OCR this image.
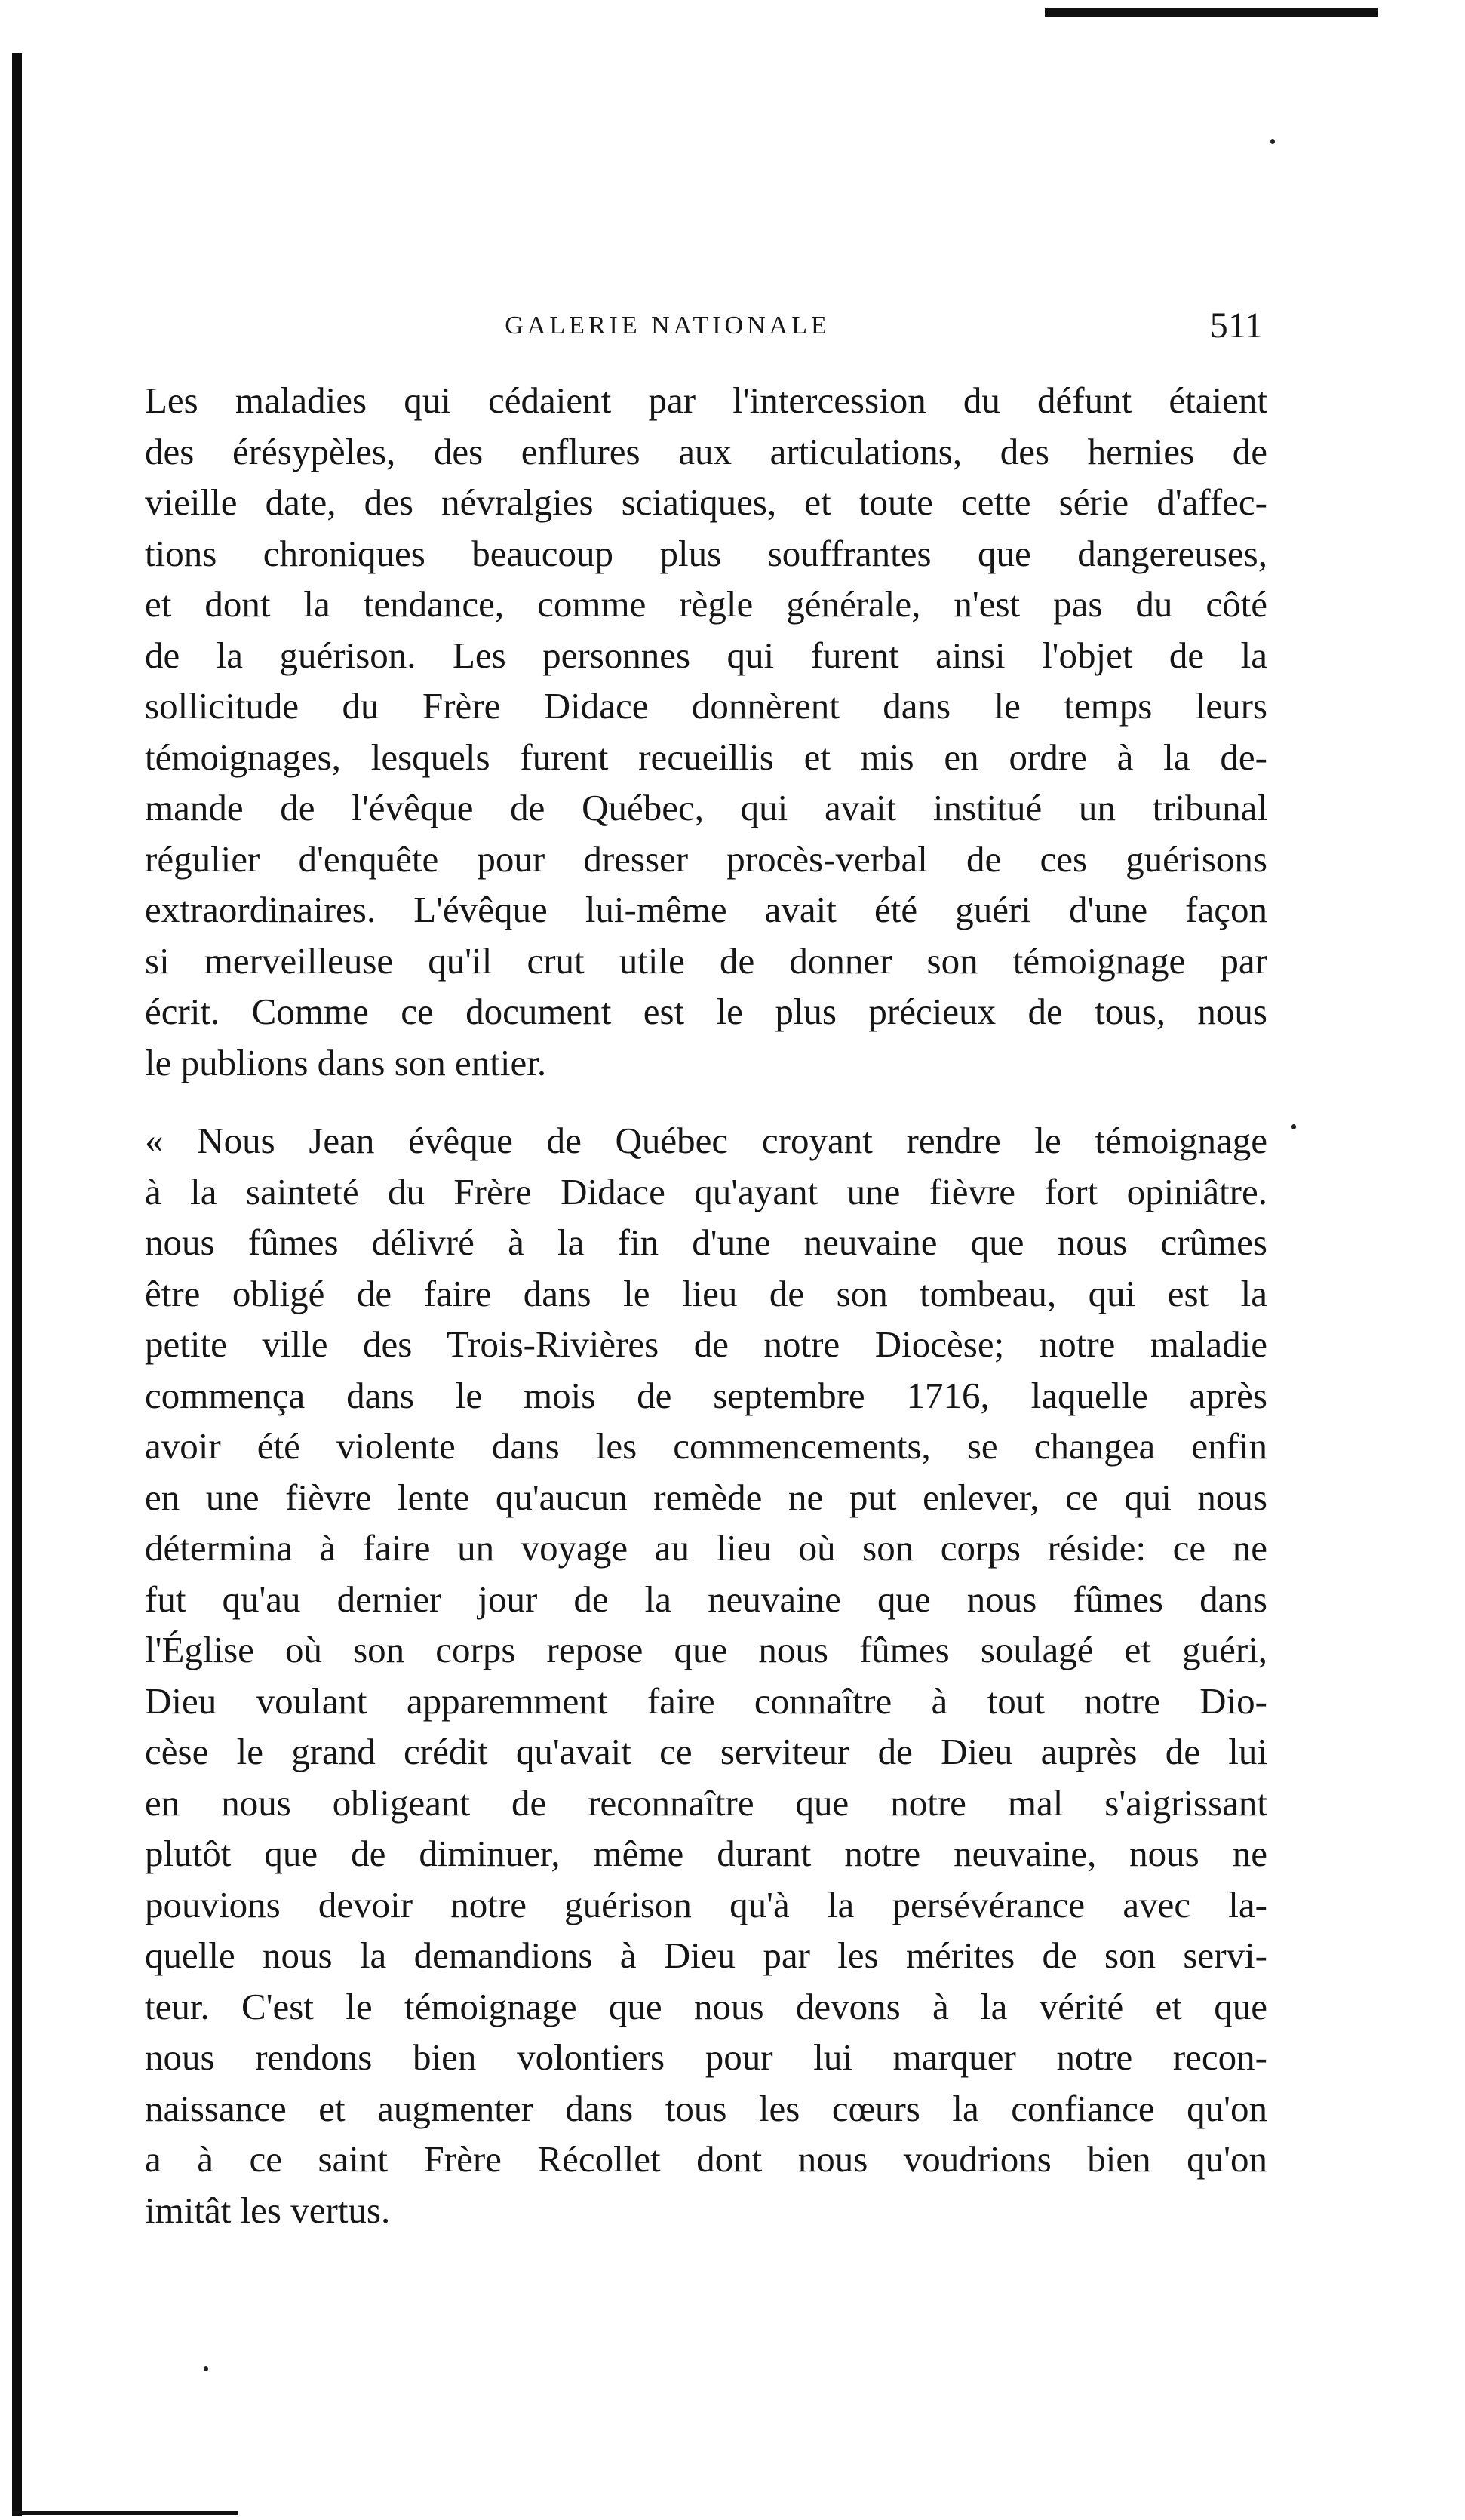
GALERIE NATIONALE	511
Les maladies qui cédaient par l'intercession du défunt étaient
des érésypèles, des enflures aux articulations, des hernies de
vieille date, des névralgies sciatiques, et toute cette série d'affec-
tions chroniques beaucoup plus souffrantes que dangereuses,
et dont la tendance, comme règle générale, n'est pas du côté
de la guérison. Les personnes qui furent ainsi l'objet de la
sollicitude du Frère Didace donnèrent dans le temps leurs
témoignages, lesquels furent recueillis et mis en ordre à la de-
mande de l'évêque de Québec, qui avait institué un tribunal
régulier d'enquête pour dresser procès-verbal de ces guérisons
extraordinaires. L'évêque lui-même avait été guéri d'une façon
si merveilleuse qu'il crut utile de donner son témoignage par
écrit. Comme ce document est le plus précieux de tous, nous
le publions dans son entier.
« Nous Jean évêque de Québec croyant rendre le témoignage
à la sainteté du Frère Didace qu'ayant une fièvre fort opiniâtre.
nous fûmes délivré à la fin d'une neuvaine que nous crûmes
être obligé de faire dans le lieu de son tombeau, qui est la
petite ville des Trois-Rivières de notre Diocèse; notre maladie
commença dans le mois de septembre 1716, laquelle après
avoir été violente dans les commencements, se changea enfin
en une fièvre lente qu'aucun remède ne put enlever, ce qui nous
détermina à faire un voyage au lieu où son corps réside: ce ne
fut qu'au dernier jour de la neuvaine que nous fûmes dans
l'Église où son corps repose que nous fûmes soulagé et guéri,
Dieu voulant apparemment faire connaître à tout notre Dio-
cèse le grand crédit qu'avait ce serviteur de Dieu auprès de lui
en nous obligeant de reconnaître que notre mal s'aigrissant
plutôt que de diminuer, même durant notre neuvaine, nous ne
pouvions devoir notre guérison qu'à la persévérance avec la-
quelle nous la demandions à Dieu par les mérites de son servi-
teur. C'est le témoignage que nous devons à la vérité et que
nous rendons bien volontiers pour lui marquer notre recon-
naissance et augmenter dans tous les cœurs la confiance qu'on
a à ce saint Frère Récollet dont nous voudrions bien qu'on
imitât les vertus.
